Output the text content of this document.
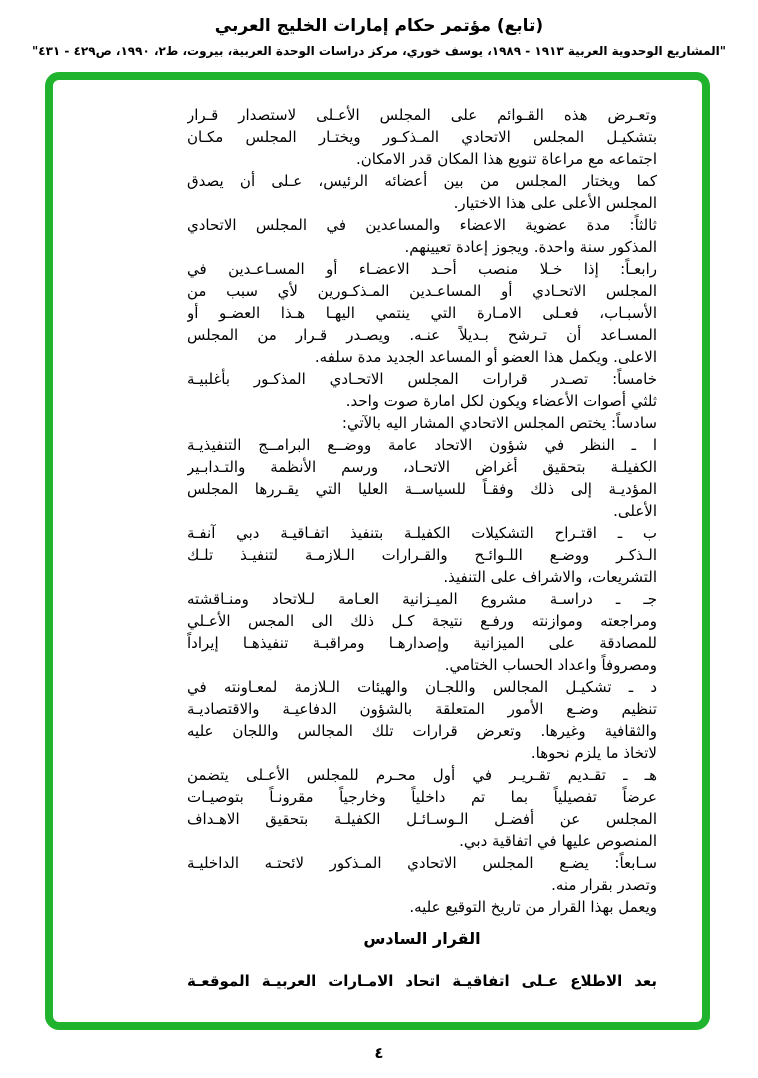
(تابع) مؤتمر حكام إمارات الخليج العربي
"المشاريع الوحدوية العربية ١٩١٣ - ١٩٨٩، يوسف خوري، مركز دراسات الوحدة العربية، بيروت، ط٢، ١٩٩٠، ص٤٢٩ - ٤٣١"
وتعـرض هذه القـوائم على المجلس الأعـلى لاستصدار قـرار
بتشكيـل المجلس الاتحادي المـذكـور ويختـار المجلس مكـان
اجتماعه مع مراعاة تنويع هذا المكان قدر الامكان.
كما ويختار المجلس من بين أعضائه الرئيس، عـلى أن يصدق
المجلس الأعلى على هذا الاختيار.
ثالثاً: مدة عضوية الاعضاء والمساعدين في المجلس الاتحادي
المذكور سنة واحدة. ويجوز إعادة تعيينهم.
رابعـاً: إذا خـلا منصب أحـد الاعضـاء أو المسـاعـدين في
المجلس الاتحـادي أو المساعـدين المـذكـورين لأي سبب من
الأسبـاب، فعـلى الامـارة التي ينتمي اليهـا هـذا العضـو أو
المسـاعد أن تـرشح بـديلاً عنـه. ويصـدر قـرار من المجلس
الاعلى. ويكمل هذا العضو أو المساعد الجديد مدة سلفه.
خامساً: تصـدر قرارات المجلس الاتحـادي المذكـور بأغلبيـة
ثلثي أصوات الأعضاء ويكون لكل امارة صوت واحد.
سادساً: يختص المجلس الاتحادي المشار اليه بالآتي:
ا ـ النظر في شؤون الاتحاد عامة ووضــع البرامــج التنفيذيـة
الكفيلـة بتحقيق أغراض الاتحـاد، ورسم الأنظمة والتـدابـير
المؤديـة إلى ذلك وفقـاً للسياســة العليا التي يقـررها المجلس
الأعلى.
ب ـ اقتـراح التشكيلات الكفيلـة بتنفيذ اتفـاقيـة دبي آنفـة
الـذكـر ووضـع اللـوائـح والقـرارات الـلازمـة لتنفيـذ تلـك
التشريعات، والاشراف على التنفيذ.
جـ ـ دراسـة مشروع الميـزانية العـامة لـلاتحاد ومنـاقشته
ومراجعته وموازنته ورفـع نتيجة كـل ذلك الى المجس الأعـلي
للمصادقة على الميزانية وإصدارهـا ومراقبـة تنفيذهـا إيراداً
ومصروفاً واعداد الحساب الختامي.
د ـ تشكيـل المجالس واللجـان والهيئات الـلازمة لمعـاونته في
تنظيم وضـع الأمور المتعلقة بالشؤون الدفاعيـة والاقتصاديـة
والثقافية وغيرها. وتعرض قرارات تلك المجالس واللجان عليه
لاتخاذ ما يلزم نحوها.
هـ ـ تقـديم تقـريـر في أول محـرم للمجلس الأعـلى يتضمن
عرضاً تفصيلياً بما تم داخلياً وخارجياً مقرونـاً بتوصيـات
المجلس عن أفضـل الـوسـائـل الكفيلـة بتحقيق الاهـداف
المنصوص عليها في اتفاقية دبي.
سـابعاً: يضـع المجلس الاتحادي المـذكور لائحتـه الداخليـة
وتصدر بقرار منه.
ويعمل بهذا القرار من تاريخ التوقيع عليه.
القرار السادس
بعد الاطلاع عـلى اتفاقيـة اتحاد الامـارات العربيـة الموقعـة
٤
